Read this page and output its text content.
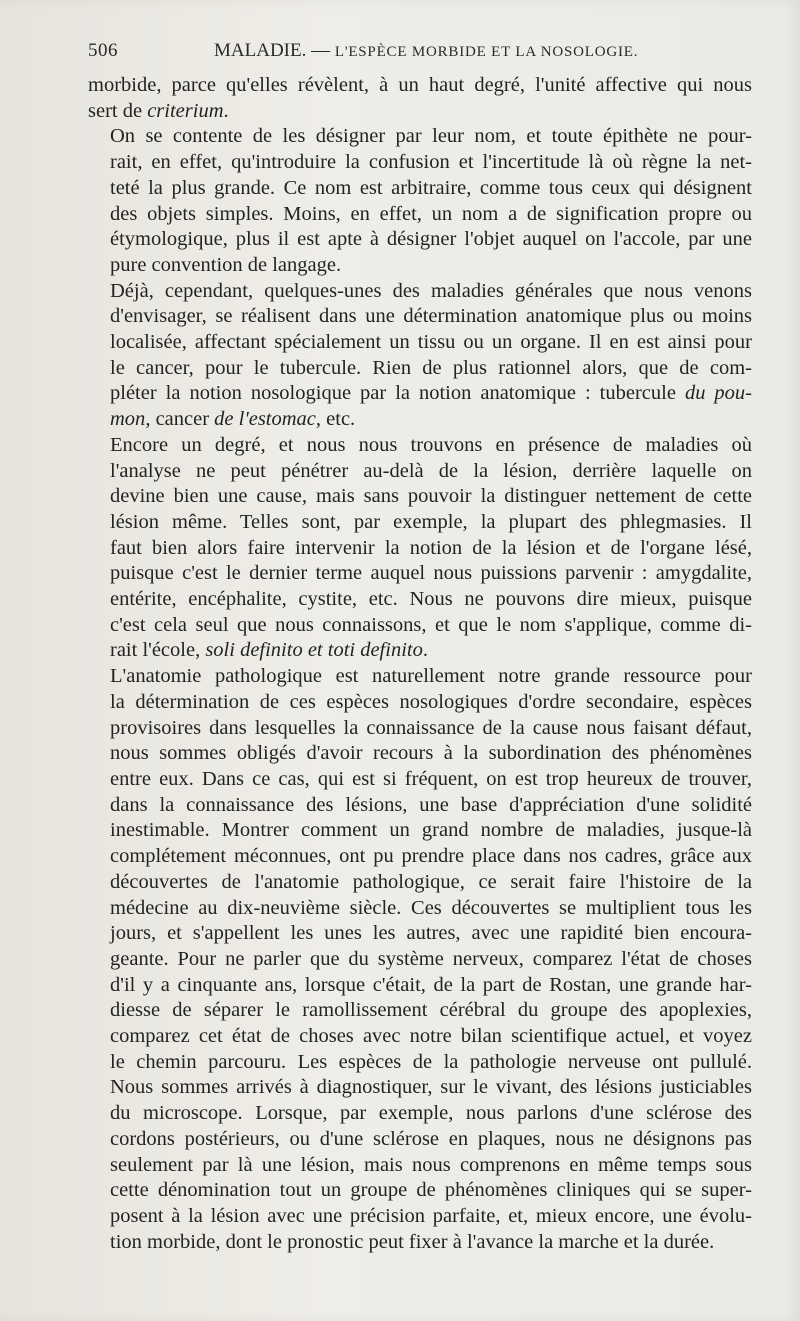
506	MALADIE. — L'ESPÈCE MORBIDE ET LA NOSOLOGIE.

morbide, parce qu'elles révèlent, à un haut degré, l'unité affective qui nous
sert de criterium.

On se contente de les désigner par leur nom, et toute épithète ne pour-
rait, en effet, qu'introduire la confusion et l'incertitude là où règne la net-
teté la plus grande. Ce nom est arbitraire, comme tous ceux qui désignent
des objets simples. Moins, en effet, un nom a de signification propre ou
étymologique, plus il est apte à désigner l'objet auquel on l'accole, par une
pure convention de langage.

Déjà, cependant, quelques-unes des maladies générales que nous venons
d'envisager, se réalisent dans une détermination anatomique plus ou moins
localisée, affectant spécialement un tissu ou un organe. Il en est ainsi pour
le cancer, pour le tubercule. Rien de plus rationnel alors, que de com-
pléter la notion nosologique par la notion anatomique : tubercule du pou-
mon, cancer de l'estomac, etc.

Encore un degré, et nous nous trouvons en présence de maladies où
l'analyse ne peut pénétrer au-delà de la lésion, derrière laquelle on
devine bien une cause, mais sans pouvoir la distinguer nettement de cette
lésion même. Telles sont, par exemple, la plupart des phlegmasies. Il
faut bien alors faire intervenir la notion de la lésion et de l'organe lésé,
puisque c'est le dernier terme auquel nous puissions parvenir : amygdalite,
entérite, encéphalite, cystite, etc. Nous ne pouvons dire mieux, puisque
c'est cela seul que nous connaissons, et que le nom s'applique, comme di-
rait l'école, soli definito et toti definito.

L'anatomie pathologique est naturellement notre grande ressource pour
la détermination de ces espèces nosologiques d'ordre secondaire, espèces
provisoires dans lesquelles la connaissance de la cause nous faisant défaut,
nous sommes obligés d'avoir recours à la subordination des phénomènes
entre eux. Dans ce cas, qui est si fréquent, on est trop heureux de trouver,
dans la connaissance des lésions, une base d'appréciation d'une solidité
inestimable. Montrer comment un grand nombre de maladies, jusque-là
complétement méconnues, ont pu prendre place dans nos cadres, grâce aux
découvertes de l'anatomie pathologique, ce serait faire l'histoire de la
médecine au dix-neuvième siècle. Ces découvertes se multiplient tous les
jours, et s'appellent les unes les autres, avec une rapidité bien encoura-
geante. Pour ne parler que du système nerveux, comparez l'état de choses
d'il y a cinquante ans, lorsque c'était, de la part de Rostan, une grande har-
diesse de séparer le ramollissement cérébral du groupe des apoplexies,
comparez cet état de choses avec notre bilan scientifique actuel, et voyez
le chemin parcouru. Les espèces de la pathologie nerveuse ont pullulé.
Nous sommes arrivés à diagnostiquer, sur le vivant, des lésions justiciables
du microscope. Lorsque, par exemple, nous parlons d'une sclérose des
cordons postérieurs, ou d'une sclérose en plaques, nous ne désignons pas
seulement par là une lésion, mais nous comprenons en même temps sous
cette dénomination tout un groupe de phénomènes cliniques qui se super-
posent à la lésion avec une précision parfaite, et, mieux encore, une évolu-
tion morbide, dont le pronostic peut fixer à l'avance la marche et la durée.
